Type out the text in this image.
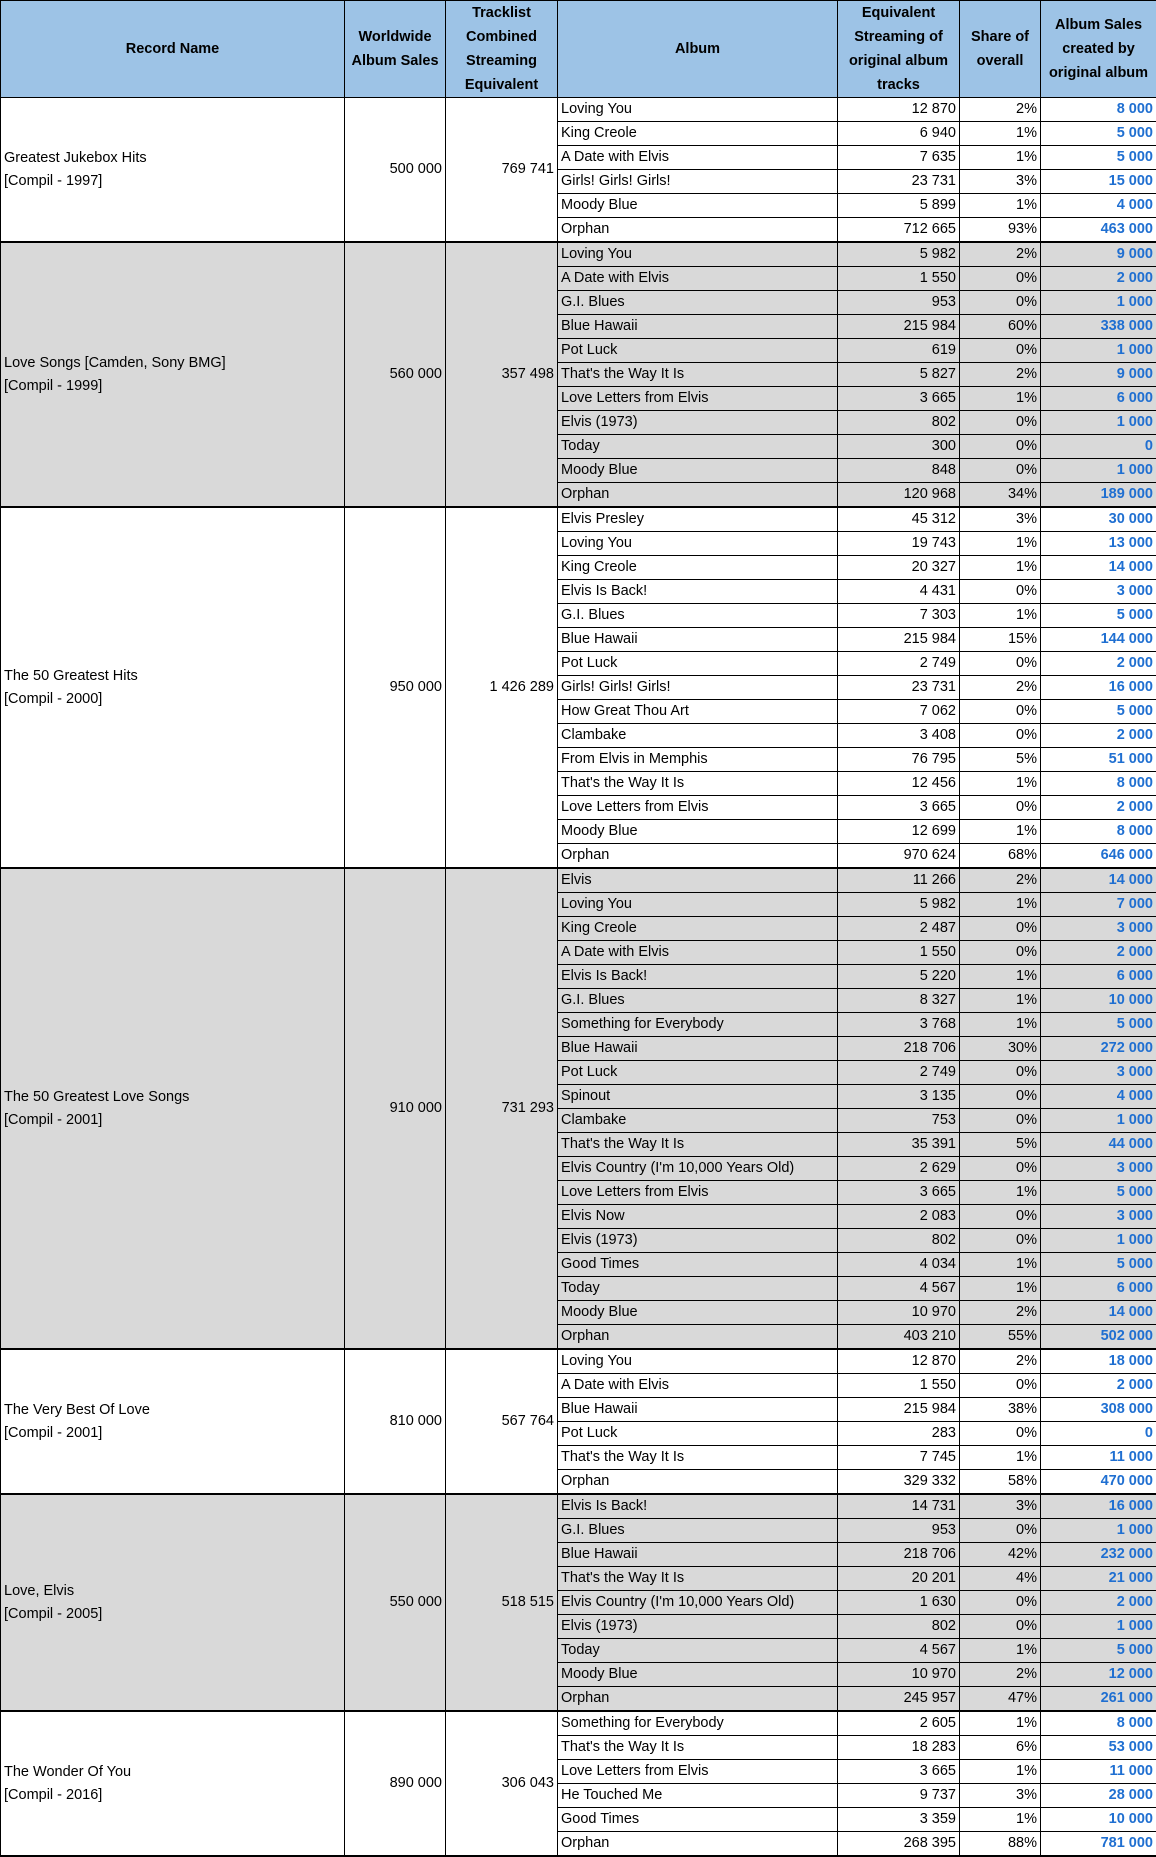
Record Name	Worldwide Album Sales	Tracklist Combined Streaming Equivalent	Album	Equivalent Streaming of original album tracks	Share of overall	Album Sales created by original album
Greatest Jukebox Hits
[Compil - 1997]	500 000	769 741	Loving You	12 870	2%	8 000
			King Creole	6 940	1%	5 000
			A Date with Elvis	7 635	1%	5 000
			Girls! Girls! Girls!	23 731	3%	15 000
			Moody Blue	5 899	1%	4 000
			Orphan	712 665	93%	463 000
Love Songs [Camden, Sony BMG]
[Compil - 1999]	560 000	357 498	Loving You	5 982	2%	9 000
			A Date with Elvis	1 550	0%	2 000
			G.I. Blues	953	0%	1 000
			Blue Hawaii	215 984	60%	338 000
			Pot Luck	619	0%	1 000
			That's the Way It Is	5 827	2%	9 000
			Love Letters from Elvis	3 665	1%	6 000
			Elvis (1973)	802	0%	1 000
			Today	300	0%	0
			Moody Blue	848	0%	1 000
			Orphan	120 968	34%	189 000
The 50 Greatest Hits
[Compil - 2000]	950 000	1 426 289	Elvis Presley	45 312	3%	30 000
			Loving You	19 743	1%	13 000
			King Creole	20 327	1%	14 000
			Elvis Is Back!	4 431	0%	3 000
			G.I. Blues	7 303	1%	5 000
			Blue Hawaii	215 984	15%	144 000
			Pot Luck	2 749	0%	2 000
			Girls! Girls! Girls!	23 731	2%	16 000
			How Great Thou Art	7 062	0%	5 000
			Clambake	3 408	0%	2 000
			From Elvis in Memphis	76 795	5%	51 000
			That's the Way It Is	12 456	1%	8 000
			Love Letters from Elvis	3 665	0%	2 000
			Moody Blue	12 699	1%	8 000
			Orphan	970 624	68%	646 000
The 50 Greatest Love Songs
[Compil - 2001]	910 000	731 293	Elvis	11 266	2%	14 000
			Loving You	5 982	1%	7 000
			King Creole	2 487	0%	3 000
			A Date with Elvis	1 550	0%	2 000
			Elvis Is Back!	5 220	1%	6 000
			G.I. Blues	8 327	1%	10 000
			Something for Everybody	3 768	1%	5 000
			Blue Hawaii	218 706	30%	272 000
			Pot Luck	2 749	0%	3 000
			Spinout	3 135	0%	4 000
			Clambake	753	0%	1 000
			That's the Way It Is	35 391	5%	44 000
			Elvis Country (I'm 10,000 Years Old)	2 629	0%	3 000
			Love Letters from Elvis	3 665	1%	5 000
			Elvis Now	2 083	0%	3 000
			Elvis (1973)	802	0%	1 000
			Good Times	4 034	1%	5 000
			Today	4 567	1%	6 000
			Moody Blue	10 970	2%	14 000
			Orphan	403 210	55%	502 000
The Very Best Of Love
[Compil - 2001]	810 000	567 764	Loving You	12 870	2%	18 000
			A Date with Elvis	1 550	0%	2 000
			Blue Hawaii	215 984	38%	308 000
			Pot Luck	283	0%	0
			That's the Way It Is	7 745	1%	11 000
			Orphan	329 332	58%	470 000
Love, Elvis
[Compil - 2005]	550 000	518 515	Elvis Is Back!	14 731	3%	16 000
			G.I. Blues	953	0%	1 000
			Blue Hawaii	218 706	42%	232 000
			That's the Way It Is	20 201	4%	21 000
			Elvis Country (I'm 10,000 Years Old)	1 630	0%	2 000
			Elvis (1973)	802	0%	1 000
			Today	4 567	1%	5 000
			Moody Blue	10 970	2%	12 000
			Orphan	245 957	47%	261 000
The Wonder Of You
[Compil - 2016]	890 000	306 043	Something for Everybody	2 605	1%	8 000
			That's the Way It Is	18 283	6%	53 000
			Love Letters from Elvis	3 665	1%	11 000
			He Touched Me	9 737	3%	28 000
			Good Times	3 359	1%	10 000
			Orphan	268 395	88%	781 000
